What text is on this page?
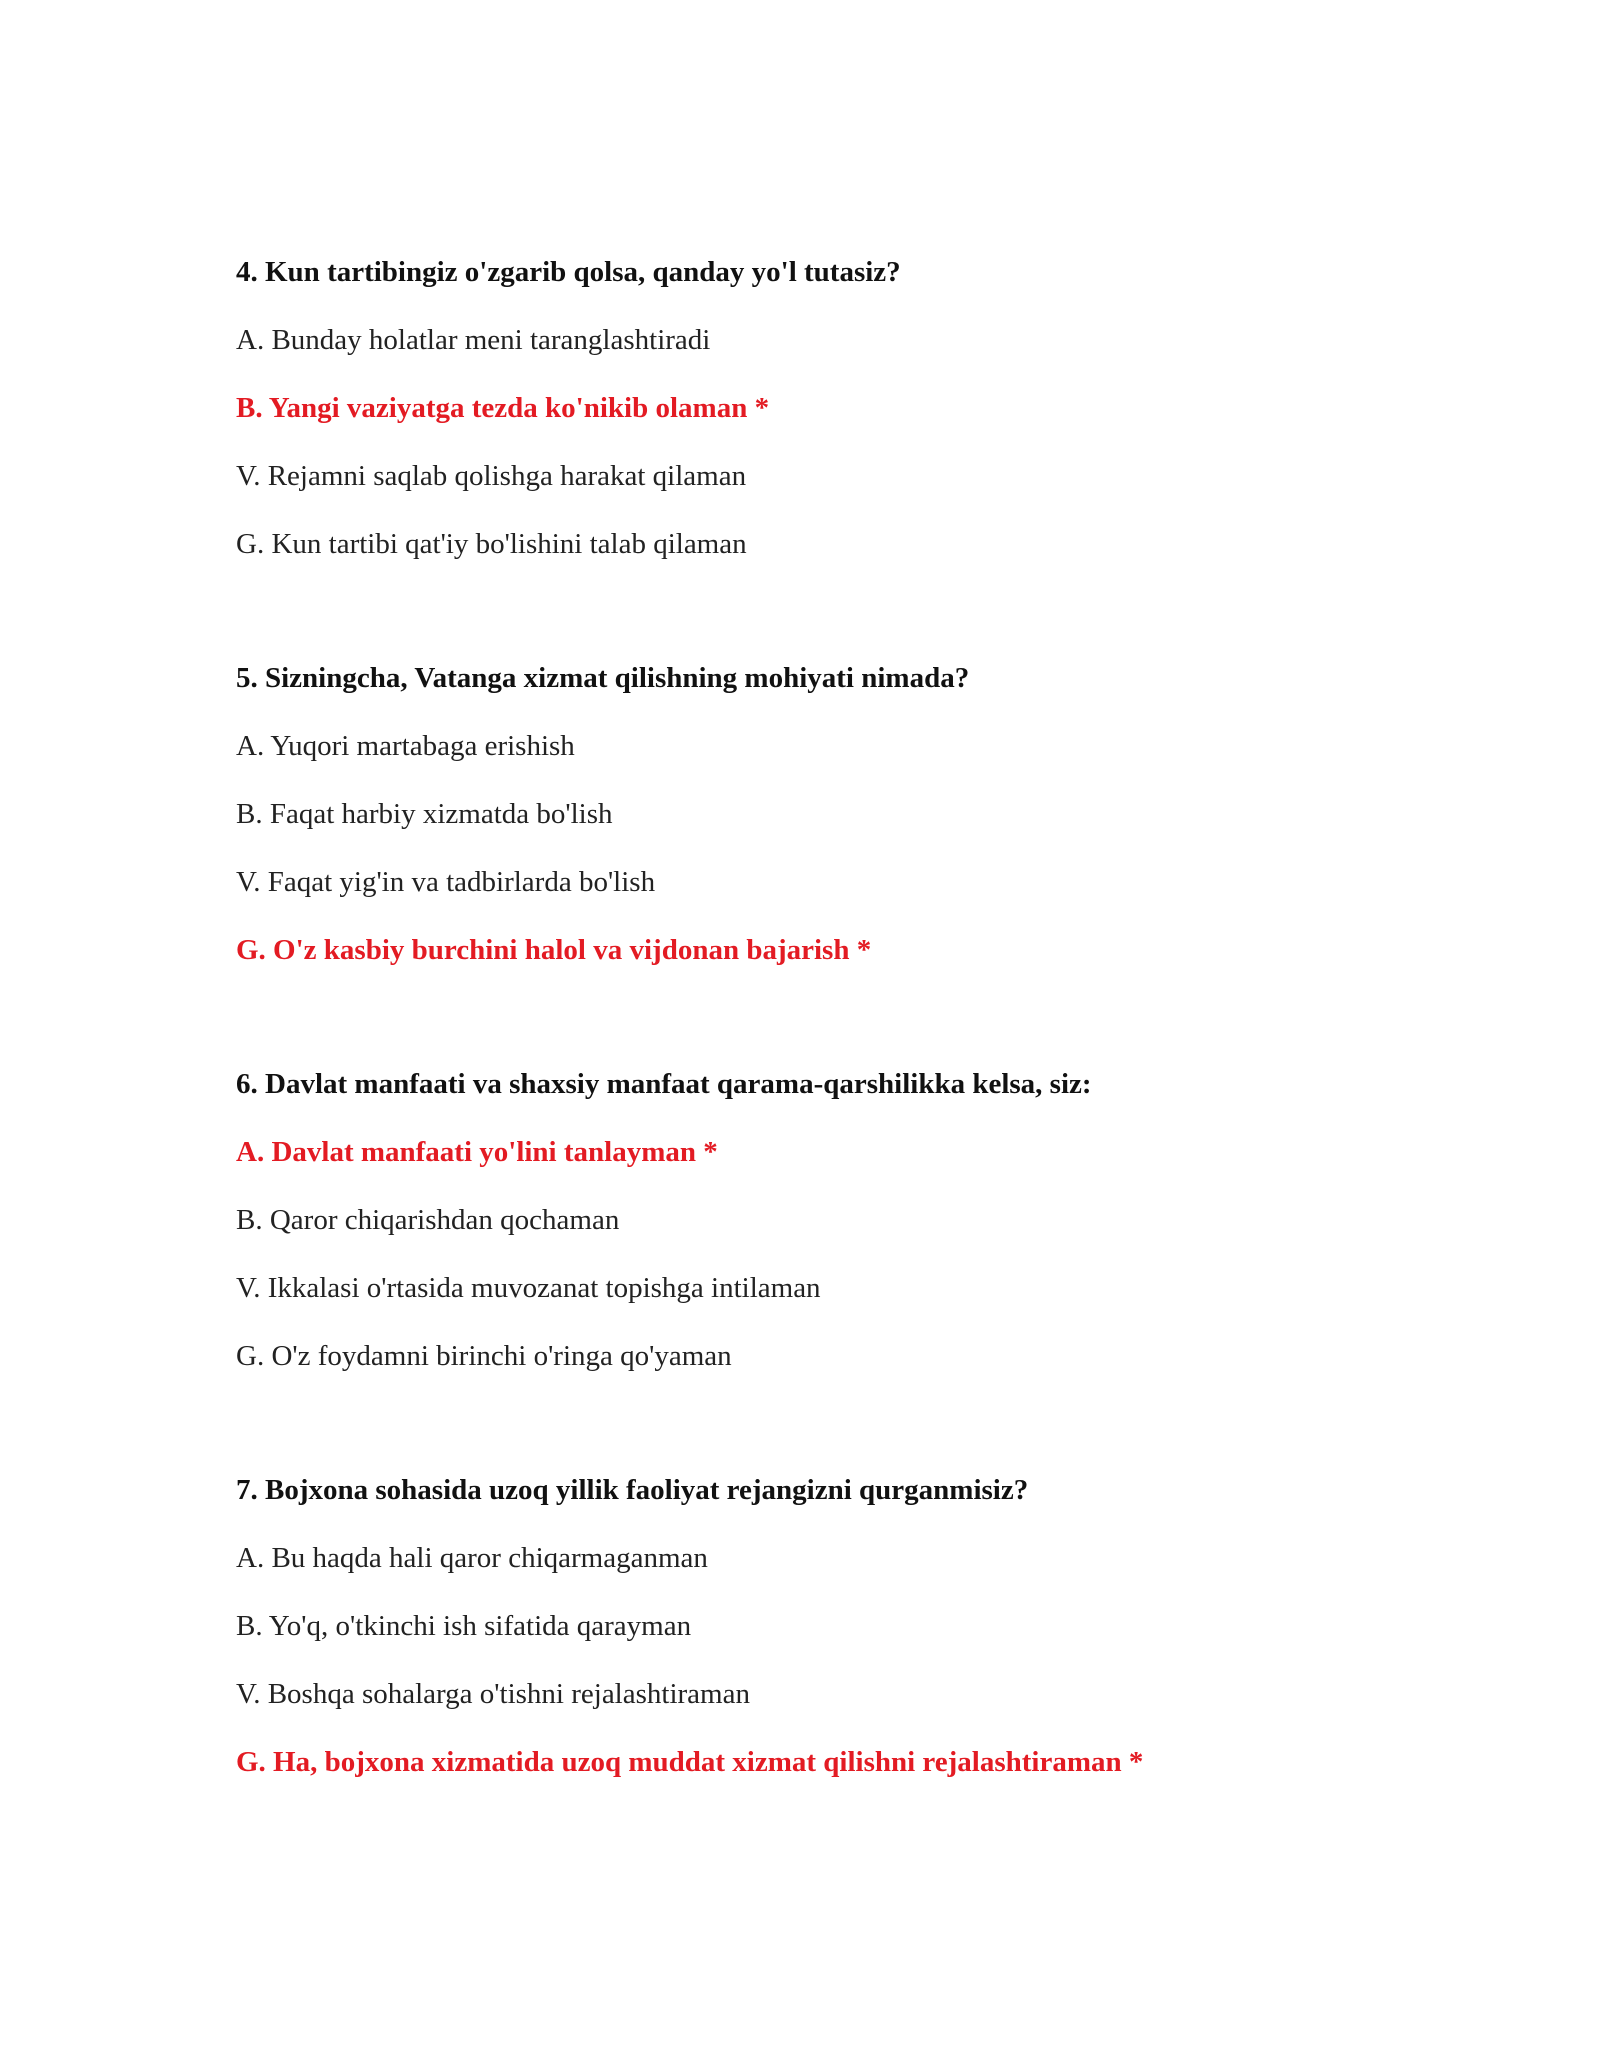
4. Kun tartibingiz o'zgarib qolsa, qanday yo'l tutasiz?
A. Bunday holatlar meni taranglashtiradi
B. Yangi vaziyatga tezda ko'nikib olaman *
V. Rejamni saqlab qolishga harakat qilaman
G. Kun tartibi qat'iy bo'lishini talab qilaman
5. Sizningcha, Vatanga xizmat qilishning mohiyati nimada?
A. Yuqori martabaga erishish
B. Faqat harbiy xizmatda bo'lish
V. Faqat yig'in va tadbirlarda bo'lish
G. O'z kasbiy burchini halol va vijdonan bajarish *
6. Davlat manfaati va shaxsiy manfaat qarama-qarshilikka kelsa, siz:
A. Davlat manfaati yo'lini tanlayman *
B. Qaror chiqarishdan qochaman
V. Ikkalasi o'rtasida muvozanat topishga intilaman
G. O'z foydamni birinchi o'ringa qo'yaman
7. Bojxona sohasida uzoq yillik faoliyat rejangizni qurganmisiz?
A. Bu haqda hali qaror chiqarmaganman
B. Yo'q, o'tkinchi ish sifatida qarayman
V. Boshqa sohalarga o'tishni rejalashtiraman
G. Ha, bojxona xizmatida uzoq muddat xizmat qilishni rejalashtiraman *
